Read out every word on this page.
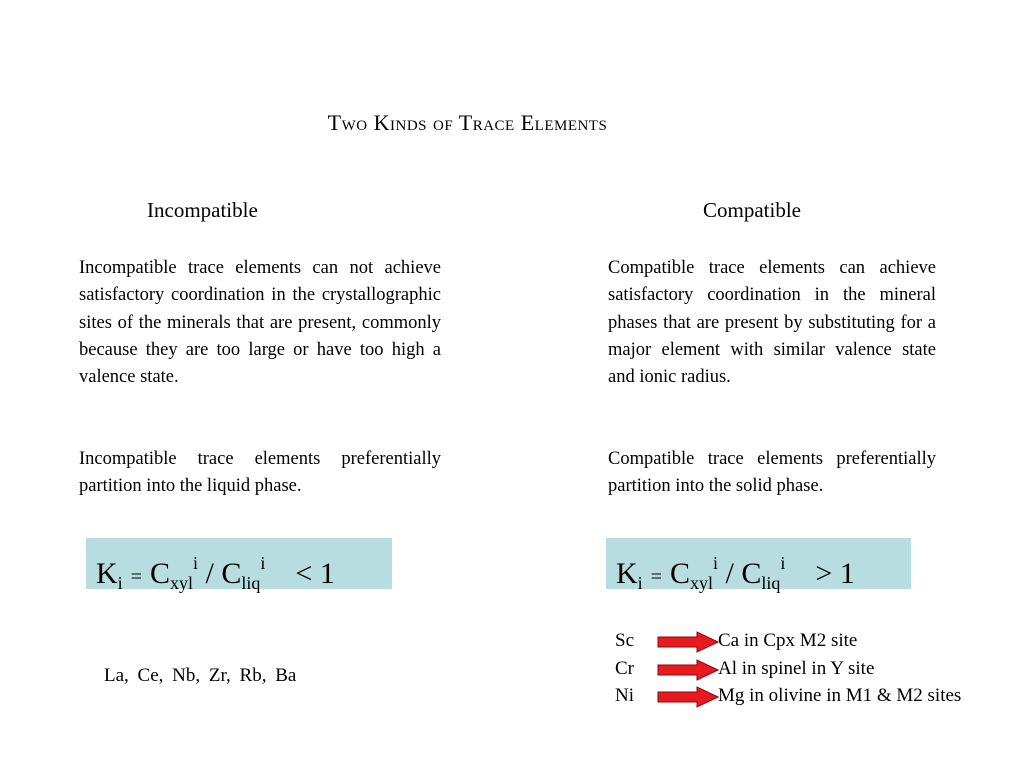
Two Kinds of Trace Elements
Incompatible

Incompatible trace elements can not achieve satisfactory coordination in the crystallographic sites of the minerals that are present, commonly because they are too large or have too high a valence state.

Incompatible trace elements preferentially partition into the liquid phase.

$K_i = C_{xyl}^i / C_{liq}^i < 1$
La, Ce, Nb, Zr, Rb, Ba
Compatible

Compatible trace elements can achieve satisfactory coordination in the mineral phases that are present by substituting for a major element with similar valence state and ionic radius.

Compatible trace elements preferentially partition into the solid phase.

$K_i = C_{xyl}^i / C_{liq}^i > 1$
Sc	Ca in Cpx M2 site
Cr	Al in spinel in Y site
Ni	Mg in olivine in M1 & M2 sites
